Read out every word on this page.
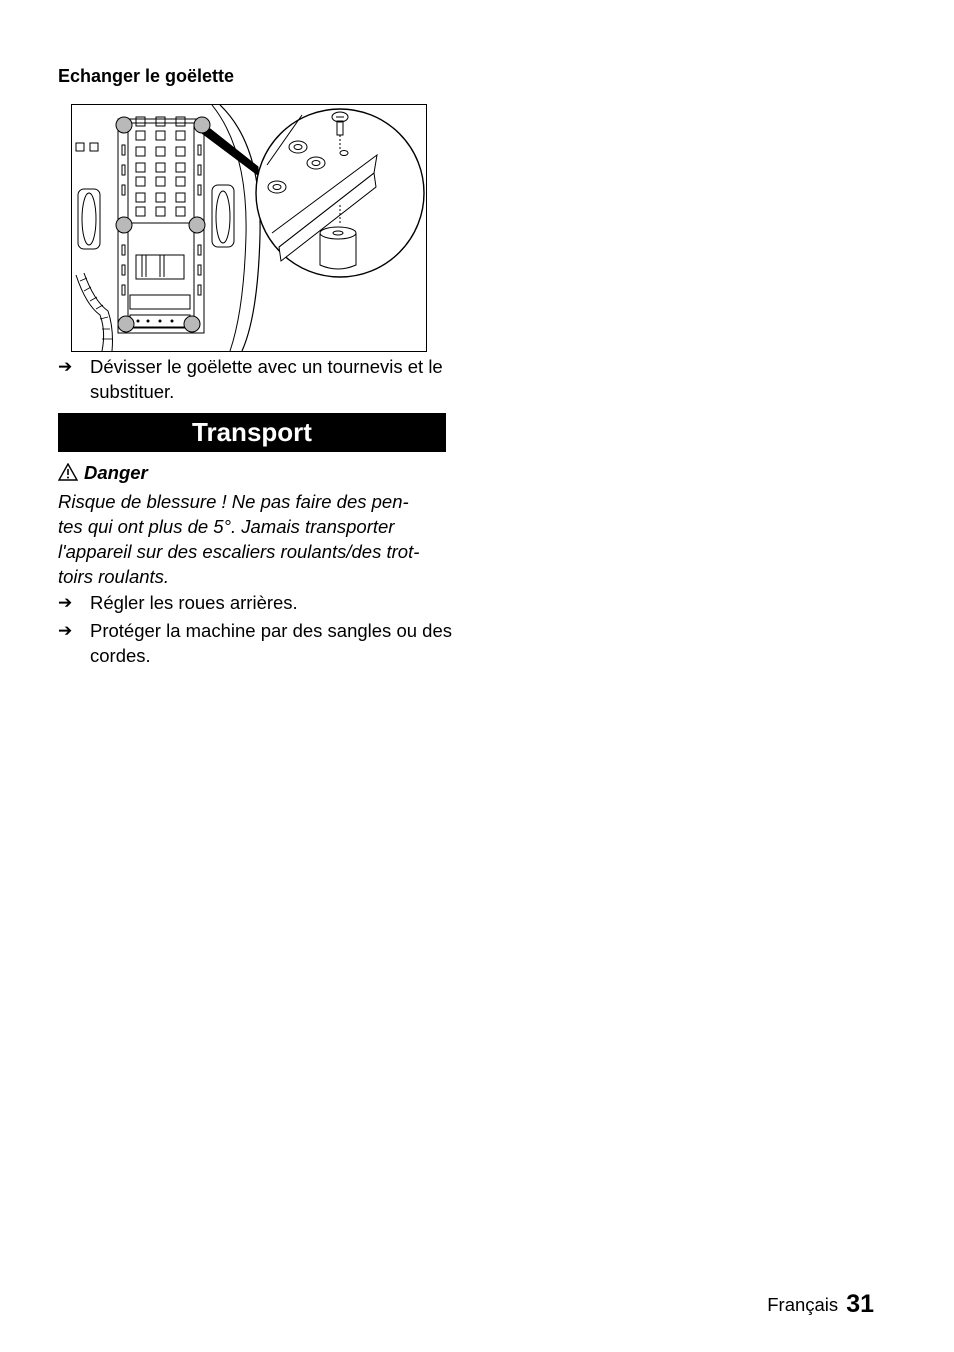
Echanger le goëlette
➔ Dévisser le goëlette avec un tournevis et le substituer.
Transport
Danger
Risque de blessure ! Ne pas faire des pen-
tes qui ont plus de 5°. Jamais transporter
l'appareil sur des escaliers roulants/des trot-
toirs roulants.
➔ Régler les roues arrières.
➔ Protéger la machine par des sangles ou des cordes.
Français 31
